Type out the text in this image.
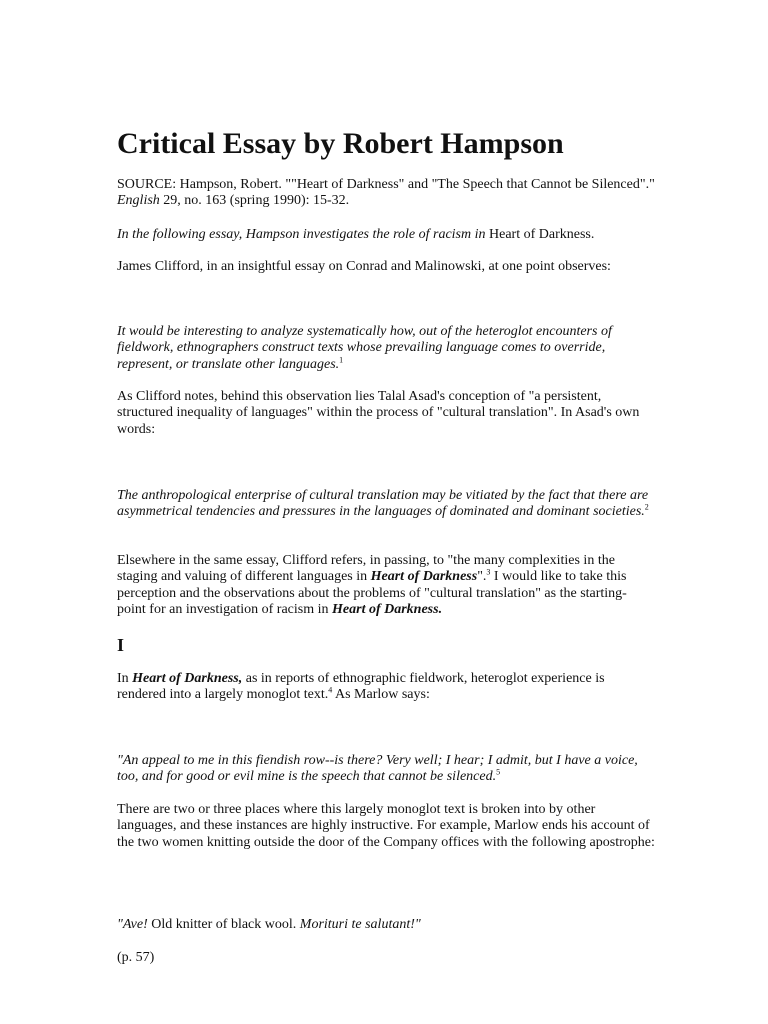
Critical Essay by Robert Hampson

SOURCE: Hampson, Robert. ""Heart of Darkness" and "The Speech that Cannot be Silenced"." English 29, no. 163 (spring 1990): 15-32.

In the following essay, Hampson investigates the role of racism in Heart of Darkness.

James Clifford, in an insightful essay on Conrad and Malinowski, at one point observes:

It would be interesting to analyze systematically how, out of the heteroglot encounters of fieldwork, ethnographers construct texts whose prevailing language comes to override, represent, or translate other languages.$^1$

As Clifford notes, behind this observation lies Talal Asad's conception of "a persistent, structured inequality of languages" within the process of "cultural translation". In Asad's own words:

The anthropological enterprise of cultural translation may be vitiated by the fact that there are asymmetrical tendencies and pressures in the languages of dominated and dominant societies.$^2$

Elsewhere in the same essay, Clifford refers, in passing, to "the many complexities in the staging and valuing of different languages in Heart of Darkness".$^3$ I would like to take this perception and the observations about the problems of "cultural translation" as the starting-point for an investigation of racism in Heart of Darkness.

I

In Heart of Darkness, as in reports of ethnographic fieldwork, heteroglot experience is rendered into a largely monoglot text.$^4$ As Marlow says:

"An appeal to me in this fiendish row--is there? Very well; I hear; I admit, but I have a voice, too, and for good or evil mine is the speech that cannot be silenced.$^5$

There are two or three places where this largely monoglot text is broken into by other languages, and these instances are highly instructive. For example, Marlow ends his account of the two women knitting outside the door of the Company offices with the following apostrophe:

"Ave! Old knitter of black wool. Morituri te salutant!"

(p. 57)
